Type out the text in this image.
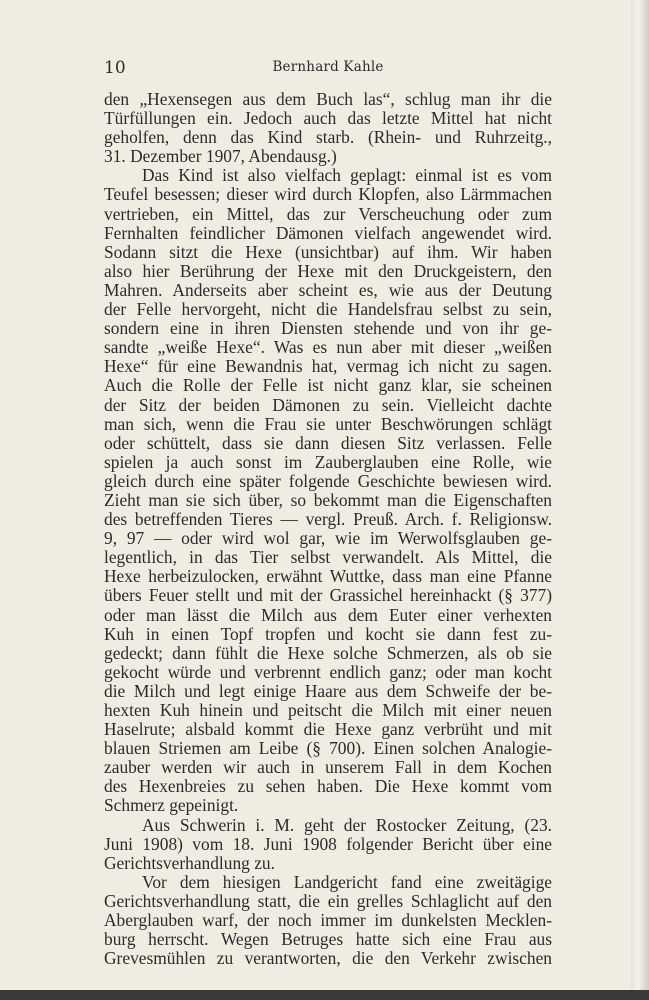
10	Bernhard Kahle
den „Hexensegen aus dem Buch las“, schlug man ihr die
Türfüllungen ein. Jedoch auch das letzte Mittel hat nicht
geholfen, denn das Kind starb. (Rhein- und Ruhrzeitg.,
31. Dezember 1907, Abendausg.)
Das Kind ist also vielfach geplagt: einmal ist es vom
Teufel besessen; dieser wird durch Klopfen, also Lärmmachen
vertrieben, ein Mittel, das zur Verscheuchung oder zum
Fernhalten feindlicher Dämonen vielfach angewendet wird.
Sodann sitzt die Hexe (unsichtbar) auf ihm. Wir haben
also hier Berührung der Hexe mit den Druckgeistern, den
Mahren. Anderseits aber scheint es, wie aus der Deutung
der Felle hervorgeht, nicht die Handelsfrau selbst zu sein,
sondern eine in ihren Diensten stehende und von ihr ge-
sandte „weiße Hexe“. Was es nun aber mit dieser „weißen
Hexe“ für eine Bewandnis hat, vermag ich nicht zu sagen.
Auch die Rolle der Felle ist nicht ganz klar, sie scheinen
der Sitz der beiden Dämonen zu sein. Vielleicht dachte
man sich, wenn die Frau sie unter Beschwörungen schlägt
oder schüttelt, dass sie dann diesen Sitz verlassen. Felle
spielen ja auch sonst im Zauberglauben eine Rolle, wie
gleich durch eine später folgende Geschichte bewiesen wird.
Zieht man sie sich über, so bekommt man die Eigenschaften
des betreffenden Tieres — vergl. Preuß. Arch. f. Religionsw.
9, 97 — oder wird wol gar, wie im Werwolfsglauben ge-
legentlich, in das Tier selbst verwandelt. Als Mittel, die
Hexe herbeizulocken, erwähnt Wuttke, dass man eine Pfanne
übers Feuer stellt und mit der Grassichel hereinhackt (§ 377)
oder man lässt die Milch aus dem Euter einer verhexten
Kuh in einen Topf tropfen und kocht sie dann fest zu-
gedeckt; dann fühlt die Hexe solche Schmerzen, als ob sie
gekocht würde und verbrennt endlich ganz; oder man kocht
die Milch und legt einige Haare aus dem Schweife der be-
hexten Kuh hinein und peitscht die Milch mit einer neuen
Haselrute; alsbald kommt die Hexe ganz verbrüht und mit
blauen Striemen am Leibe (§ 700). Einen solchen Analogie-
zauber werden wir auch in unserem Fall in dem Kochen
des Hexenbreies zu sehen haben. Die Hexe kommt vom
Schmerz gepeinigt.
Aus Schwerin i. M. geht der Rostocker Zeitung, (23.
Juni 1908) vom 18. Juni 1908 folgender Bericht über eine
Gerichtsverhandlung zu.
Vor dem hiesigen Landgericht fand eine zweitägige
Gerichtsverhandlung statt, die ein grelles Schlaglicht auf den
Aberglauben warf, der noch immer im dunkelsten Mecklen-
burg herrscht. Wegen Betruges hatte sich eine Frau aus
Grevesmühlen zu verantworten, die den Verkehr zwischen
